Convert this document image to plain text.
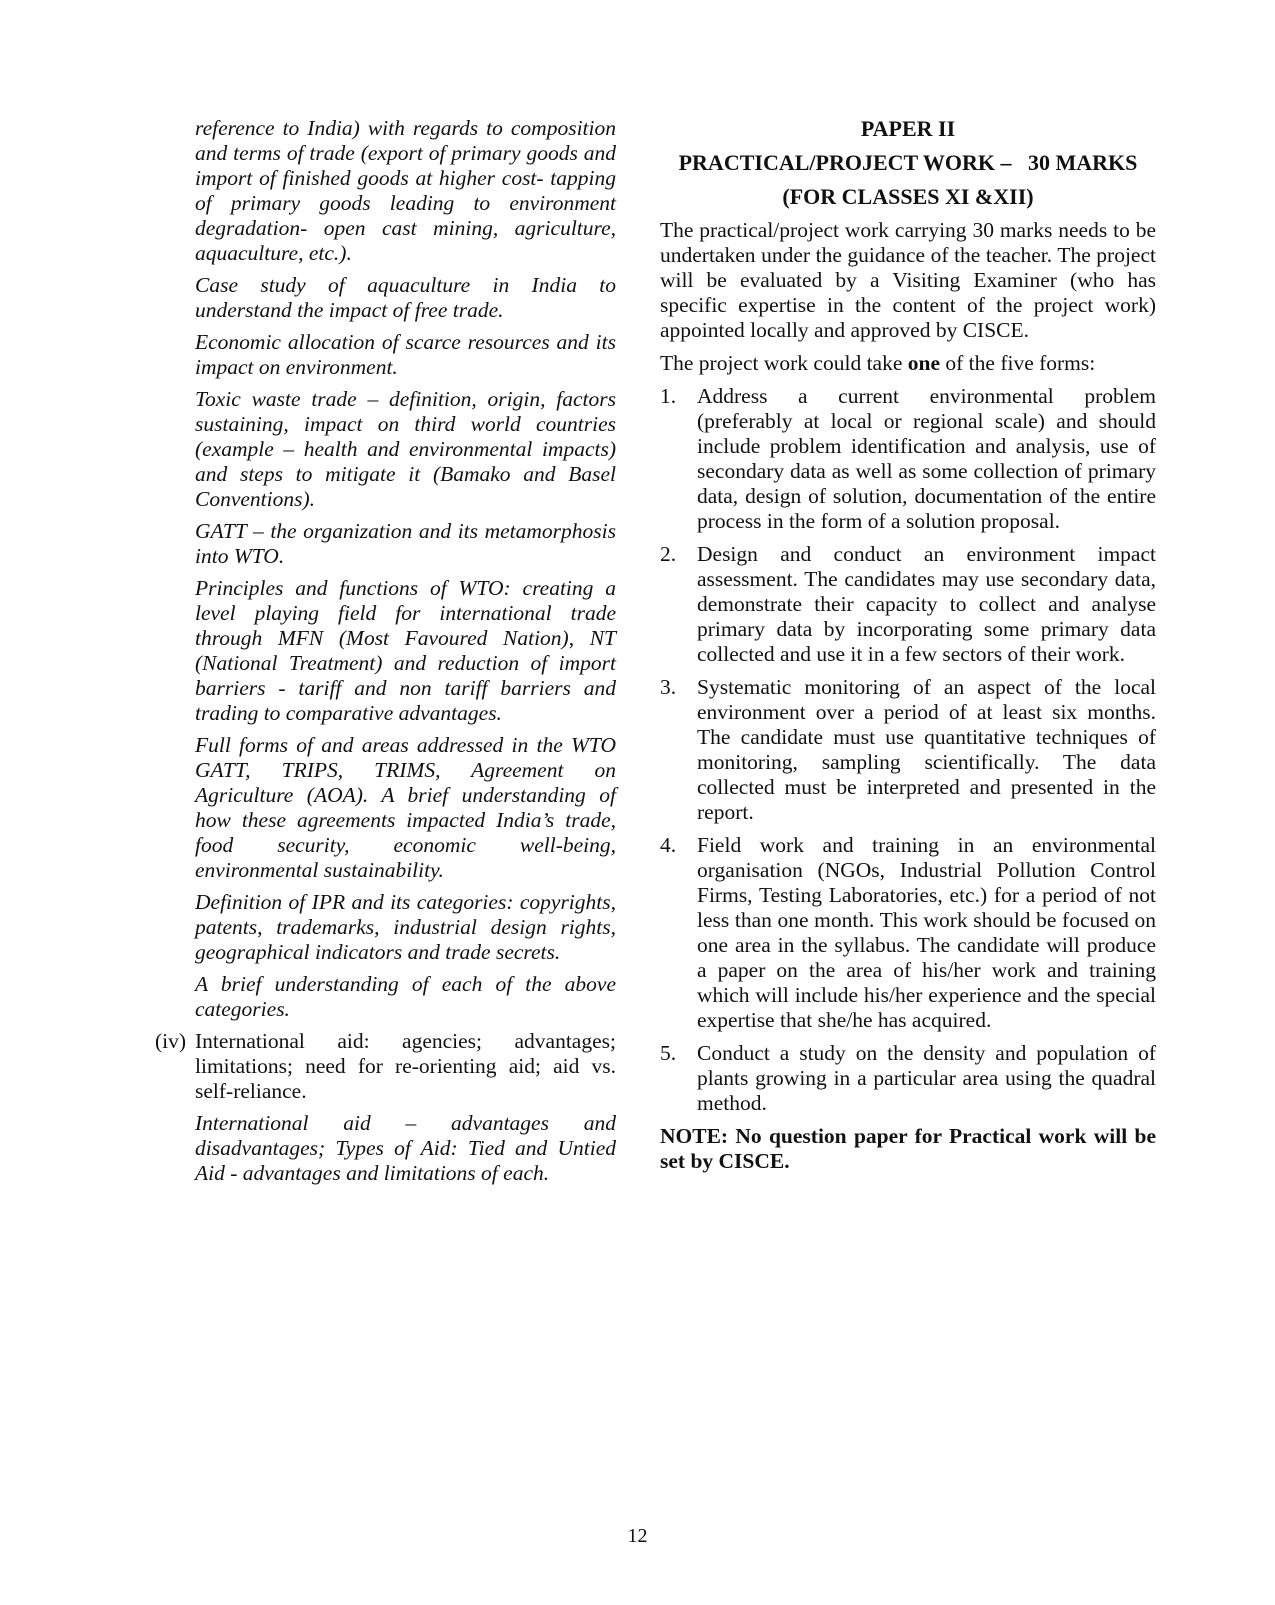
reference to India) with regards to composition and terms of trade (export of primary goods and import of finished goods at higher cost- tapping of primary goods leading to environment degradation- open cast mining, agriculture, aquaculture, etc.).

Case study of aquaculture in India to understand the impact of free trade.

Economic allocation of scarce resources and its impact on environment.

Toxic waste trade – definition, origin, factors sustaining, impact on third world countries (example – health and environmental impacts) and steps to mitigate it (Bamako and Basel Conventions).

GATT – the organization and its metamorphosis into WTO.

Principles and functions of WTO: creating a level playing field for international trade through MFN (Most Favoured Nation), NT (National Treatment) and reduction of import barriers - tariff and non tariff barriers and trading to comparative advantages.

Full forms of and areas addressed in the WTO GATT, TRIPS, TRIMS, Agreement on Agriculture (AOA). A brief understanding of how these agreements impacted India’s trade, food security, economic well-being, environmental sustainability.

Definition of IPR and its categories: copyrights, patents, trademarks, industrial design rights, geographical indicators and trade secrets.

A brief understanding of each of the above categories.

(iv) International aid: agencies; advantages; limitations; need for re-orienting aid; aid vs. self-reliance.

International aid – advantages and disadvantages; Types of Aid: Tied and Untied Aid - advantages and limitations of each.

PAPER II
PRACTICAL/PROJECT WORK –   30 MARKS
(FOR CLASSES XI &XII)

The practical/project work carrying 30 marks needs to be undertaken under the guidance of the teacher. The project will be evaluated by a Visiting Examiner (who has specific expertise in the content of the project work) appointed locally and approved by CISCE.

The project work could take one of the five forms:

1. Address a current environmental problem (preferably at local or regional scale) and should include problem identification and analysis, use of secondary data as well as some collection of primary data, design of solution, documentation of the entire process in the form of a solution proposal.
2. Design and conduct an environment impact assessment. The candidates may use secondary data, demonstrate their capacity to collect and analyse primary data by incorporating some primary data collected and use it in a few sectors of their work.
3. Systematic monitoring of an aspect of the local environment over a period of at least six months. The candidate must use quantitative techniques of monitoring, sampling scientifically. The data collected must be interpreted and presented in the report.
4. Field work and training in an environmental organisation (NGOs, Industrial Pollution Control Firms, Testing Laboratories, etc.) for a period of not less than one month. This work should be focused on one area in the syllabus. The candidate will produce a paper on the area of his/her work and training which will include his/her experience and the special expertise that she/he has acquired.
5. Conduct a study on the density and population of plants growing in a particular area using the quadral method.

NOTE: No question paper for Practical work will be set by CISCE.

12
